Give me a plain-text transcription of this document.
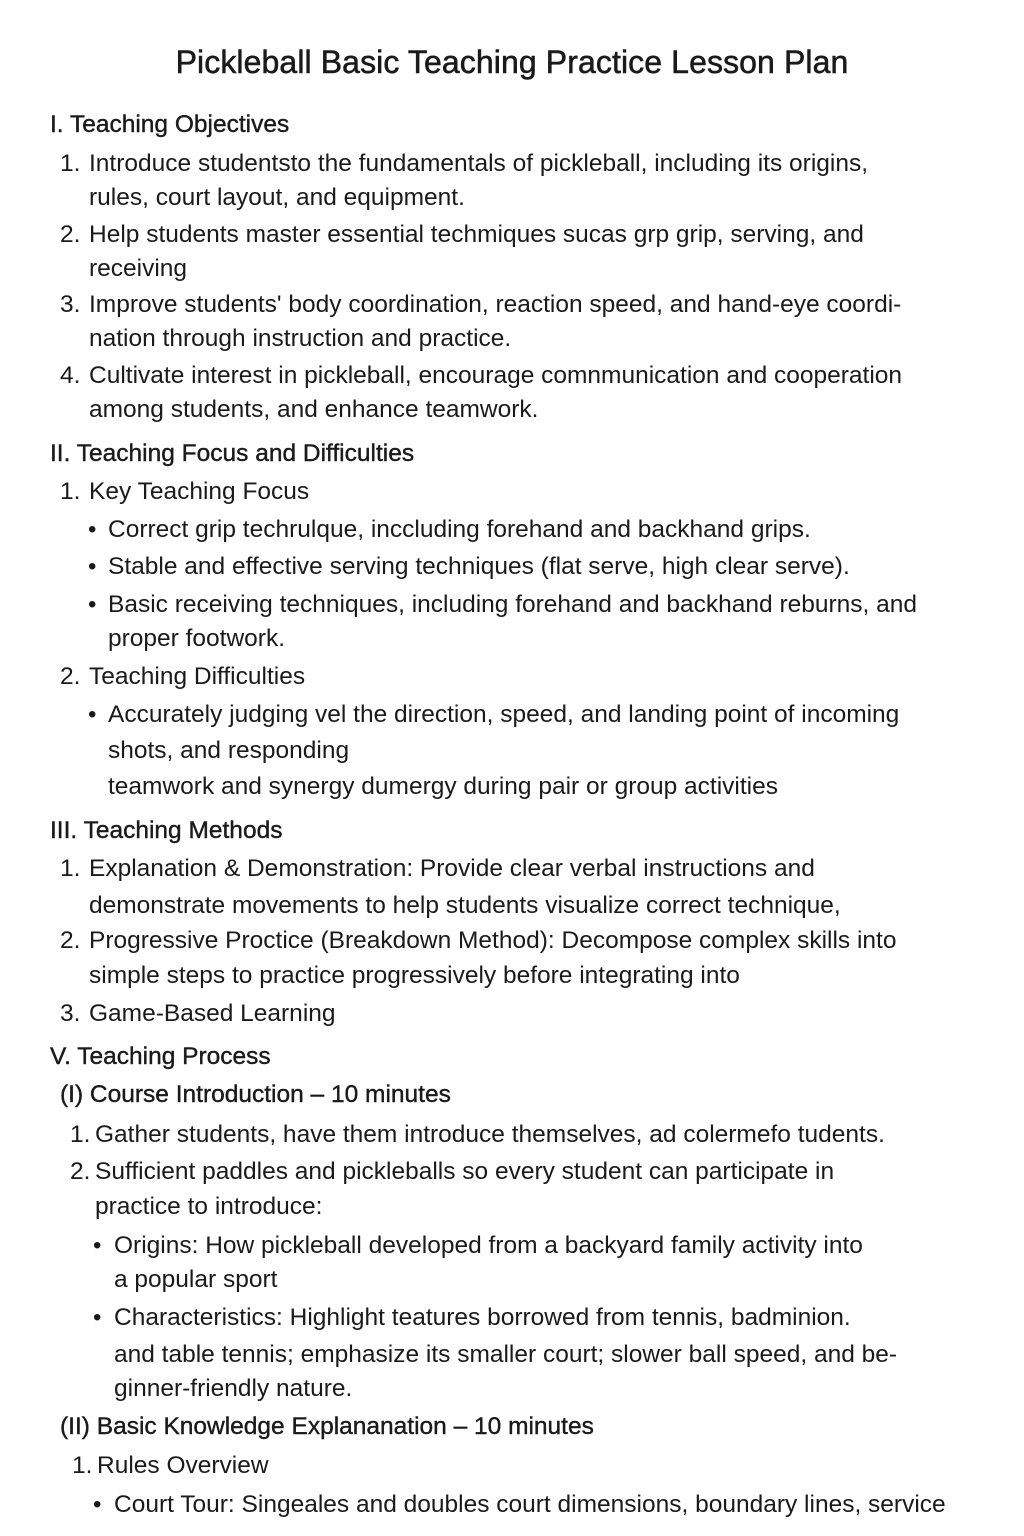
Pickleball Basic Teaching Practice Lesson Plan
I. Teaching Objectives
1. Introduce studentsto the fundamentals of pickleball, including its origins,
rules, court layout, and equipment.
2. Help students master essential techmiques sucas grp grip, serving, and
receiving
3. Improve students' body coordination, reaction speed, and hand-eye coordi-
nation through instruction and practice.
4. Cultivate interest in pickleball, encourage comnmunication and cooperation
among students, and enhance teamwork.
II. Teaching Focus and Difficulties
1. Key Teaching Focus
• Correct grip techrulque, inccluding forehand and backhand grips.
• Stable and effective serving techniques (flat serve, high clear serve).
• Basic receiving techniques, including forehand and backhand reburns, and
proper footwork.
2. Teaching Difficulties
• Accurately judging vel the direction, speed, and landing point of incoming
shots, and responding
teamwork and synergy dumergy during pair or group activities
III. Teaching Methods
1. Explanation & Demonstration: Provide clear verbal instructions and
demonstrate movements to help students visualize correct technique,
2. Progressive Proctice (Breakdown Method): Decompose complex skills into
simple steps to practice progressively before integrating into
3. Game-Based Learning
V. Teaching Process
(I) Course Introduction – 10 minutes
1. Gather students, have them introduce themselves, ad colermefo tudents.
2. Sufficient paddles and pickleballs so every student can participate in
practice to introduce:
• Origins: How pickleball developed from a backyard family activity into
a popular sport
• Characteristics: Highlight teatures borrowed from tennis, badminion.
and table tennis; emphasize its smaller court; slower ball speed, and be-
ginner-friendly nature.
(II) Basic Knowledge Explananation – 10 minutes
1. Rules Overview
• Court Tour: Singeales and doubles court dimensions, boundary lines, service
